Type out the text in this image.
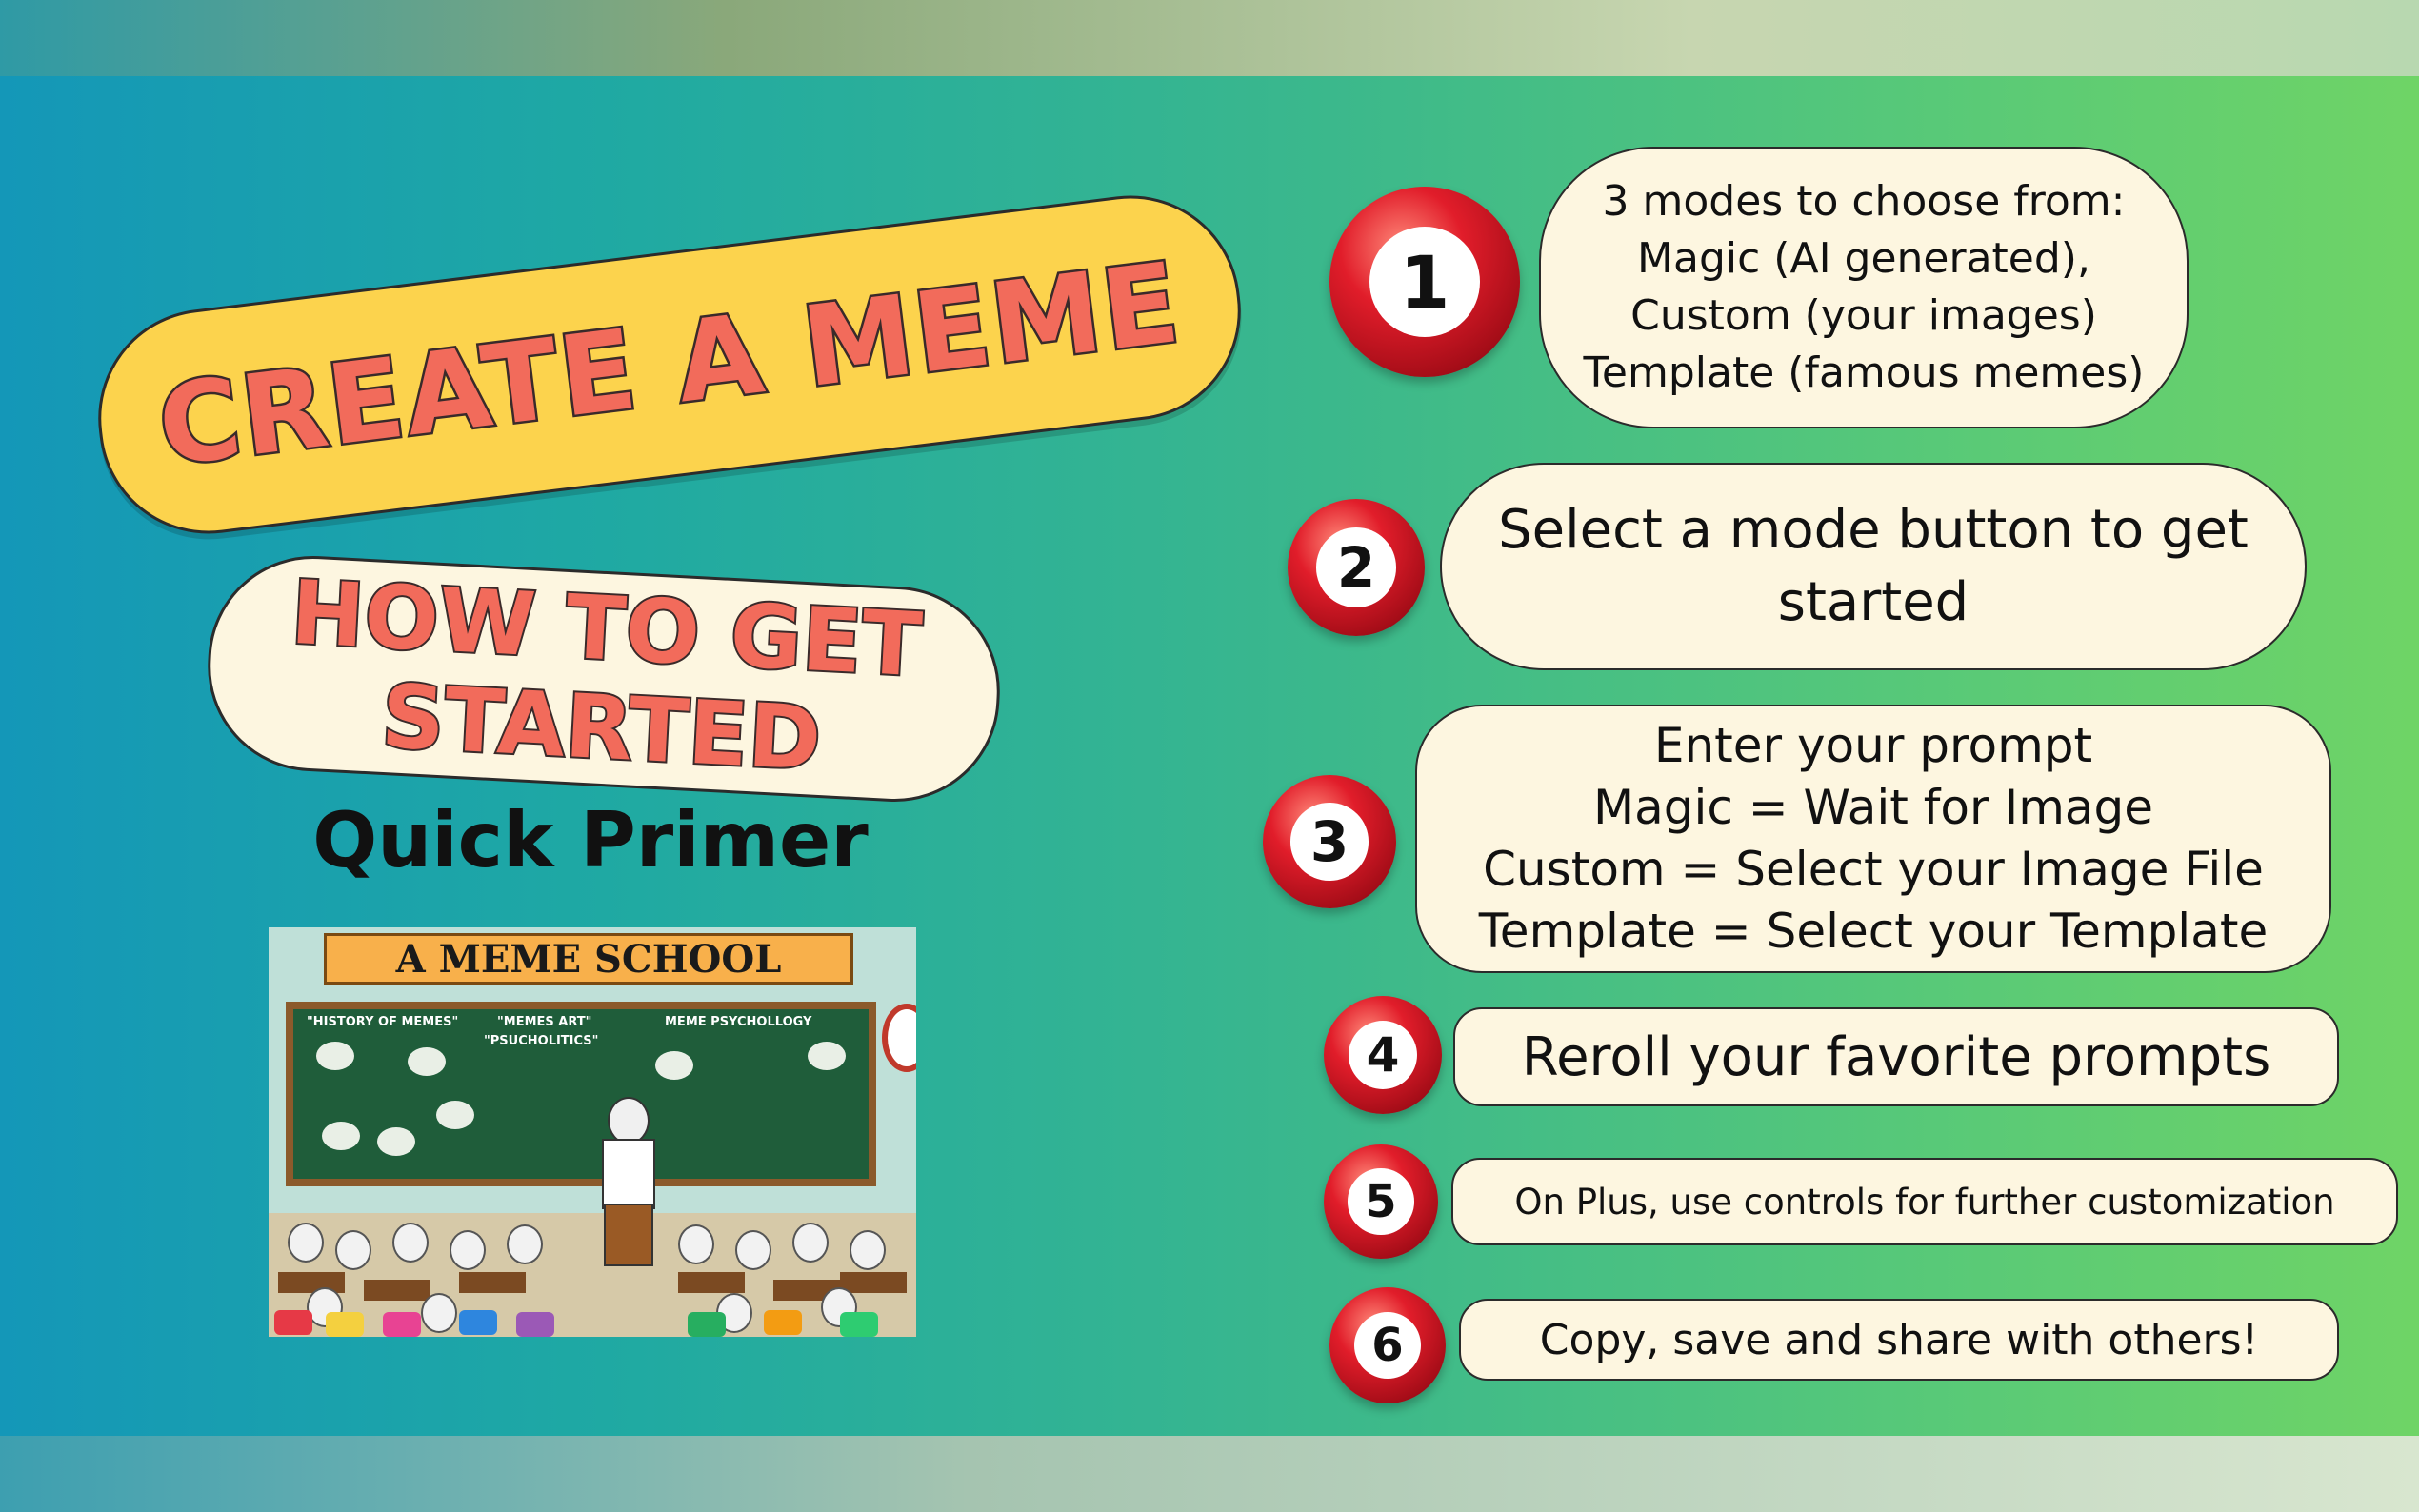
CREATE A MEME
HOW TO GET
STARTED
Quick Primer
A MEME SCHOOL
"HISTORY OF MEMES"	"MEMES ART"
"PSUCHOLITICS"
MEME PSYCHOLLOGY
1
3 modes to choose from:
Magic (AI generated),
Custom (your images)
Template (famous memes)
2
Select a mode button to get
started
3
Enter your prompt
Magic = Wait for Image
Custom = Select your Image File
Template = Select your Template
4	Reroll your favorite prompts
5	On Plus, use controls for further customization
6	Copy, save and share with others!
